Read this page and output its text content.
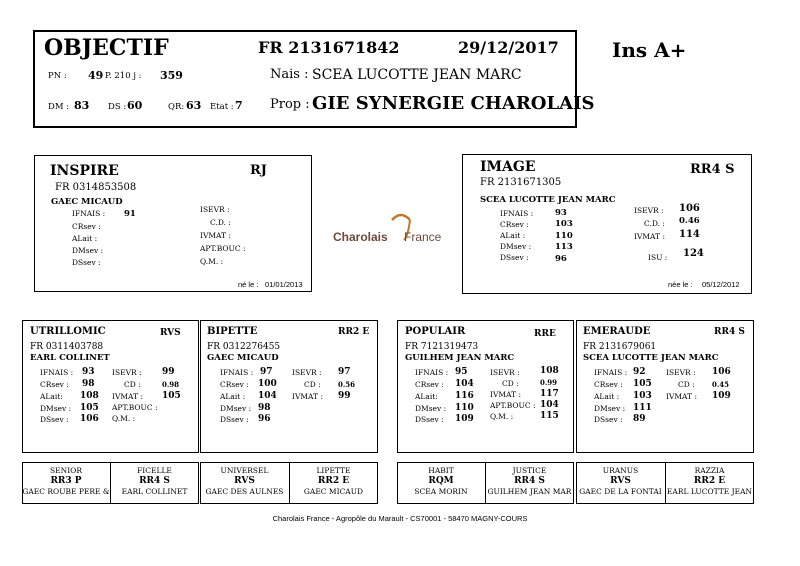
OBJECTIF	FR 2131671842	29/12/2017	Ins A+
PN : 49 P. 210 j : 359	Nais : SCEA LUCOTTE JEAN MARC
DM : 83 DS : 60	QR: 63 Etat : 7 Prop : GIE SYNERGIE CHAROLAIS
INSPIRE	RJ
FR 0314853508
GAEC MICAUD
IFNAIS : 91
CRsev :
ALait :
DMsev :
DSsev :
ISEVR :
C.D. :
IVMAT :
APT.BOUC :
Q.M. :
né le : 01/01/2013
Charolais France
IMAGE	RR4 S
FR 2131671305
SCEA LUCOTTE JEAN MARC
IFNAIS :	93
CRsev :	103
ALait :	110
DMsev :	113
DSsev :	96
ISEVR : 106
C.D. : 0.46
IVMAT : 114
ISU : 124
née le : 05/12/2012
UTRILLOMIC	RVS
FR 0311403788
EARL COLLINET
IFNAIS : 93
CRsev : 98
ALait: 108
DMsev : 105
DSsev : 106
ISEVR : 99
CD :	0.98
IVMAT : 105
APT.BOUC :
Q.M. :
BIPETTE	RR2 E
FR 0312276455
GAEC MICAUD
IFNAIS : 97
CRsev : 100
ALait : 104
DMsev : 98
DSsev : 96
ISEVR : 97
CD : 0.56
IVMAT : 99
POPULAIR	RRE
FR 7121319473
GUILHEM JEAN MARC
IFNAIS : 95
CRsev : 104
ALait: 116
DMsev : 110
DSsev : 109
ISEVR : 108
CD :	0.99
IVMAT : 117
APT.BOUC : 104
Q.M. :	115
EMERAUDE	RR4 S
FR 2131679061
SCEA LUCOTTE JEAN MARC
IFNAIS : 92
CRsev : 105
ALait : 103
DMsev : 111
DSsev : 89
ISEVR : 106
CD : 0.45
IVMAT : 109
SENIOR
RR3 P
GAEC ROUBE PERE &
FICELLE
RR4 S
EARL COLLINET
UNIVERSEL
RVS
GAEC DES AULNES
LIPETTE
RR2 E
GAEC MICAUD
HABIT
RQM
SCEA MORIN
JUSTICE
RR4 S
GUILHEM JEAN MAR
URANUS
RVS
GAEC DE LA FONTAI
RAZZIA
RR2 E
EARL LUCOTTE JEAN
Charolais France - Agropôle du Marault - CS70001 - 58470 MAGNY-COURS
